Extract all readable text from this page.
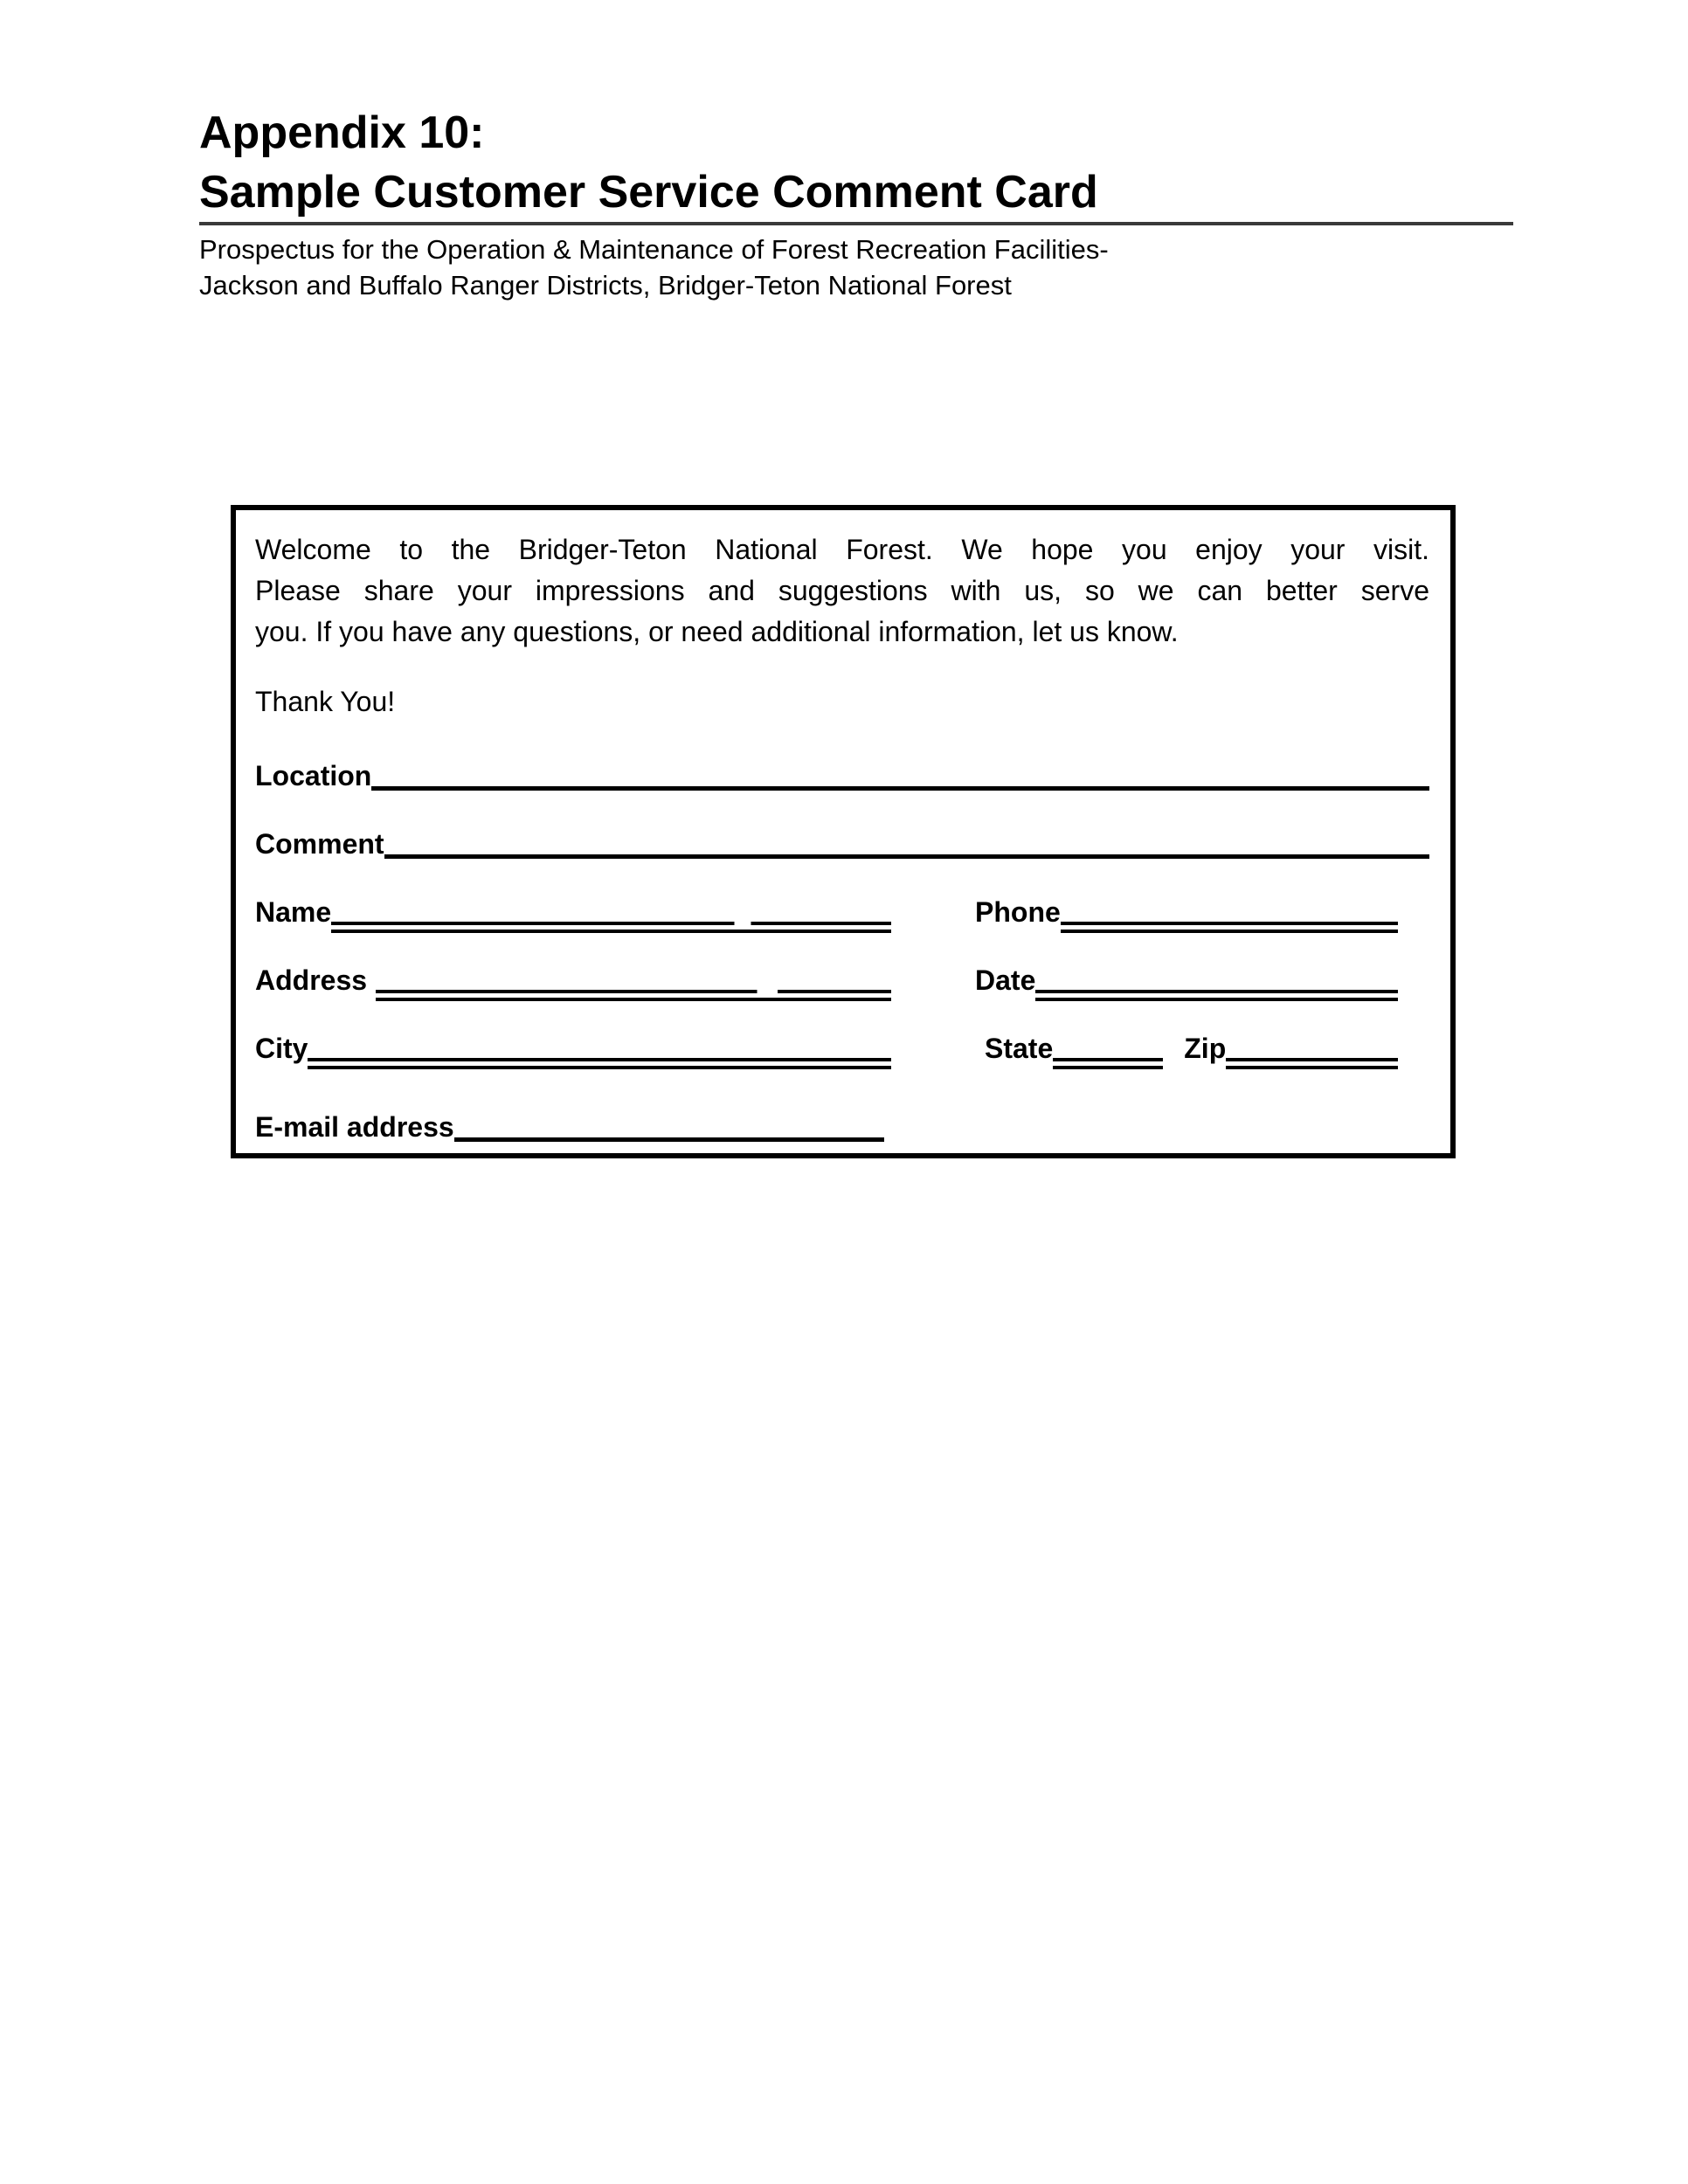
Appendix 10:
Sample Customer Service Comment Card

Prospectus for the Operation & Maintenance of Forest Recreation Facilities-
Jackson and Buffalo Ranger Districts, Bridger-Teton National Forest

Welcome to the Bridger-Teton National Forest. We hope you enjoy your visit.
Please share your impressions and suggestions with us, so we can better serve
you. If you have any questions, or need additional information, let us know.

Thank You!

Location
Comment
Name	Phone
Address	Date
City	State	Zip
E-mail address
